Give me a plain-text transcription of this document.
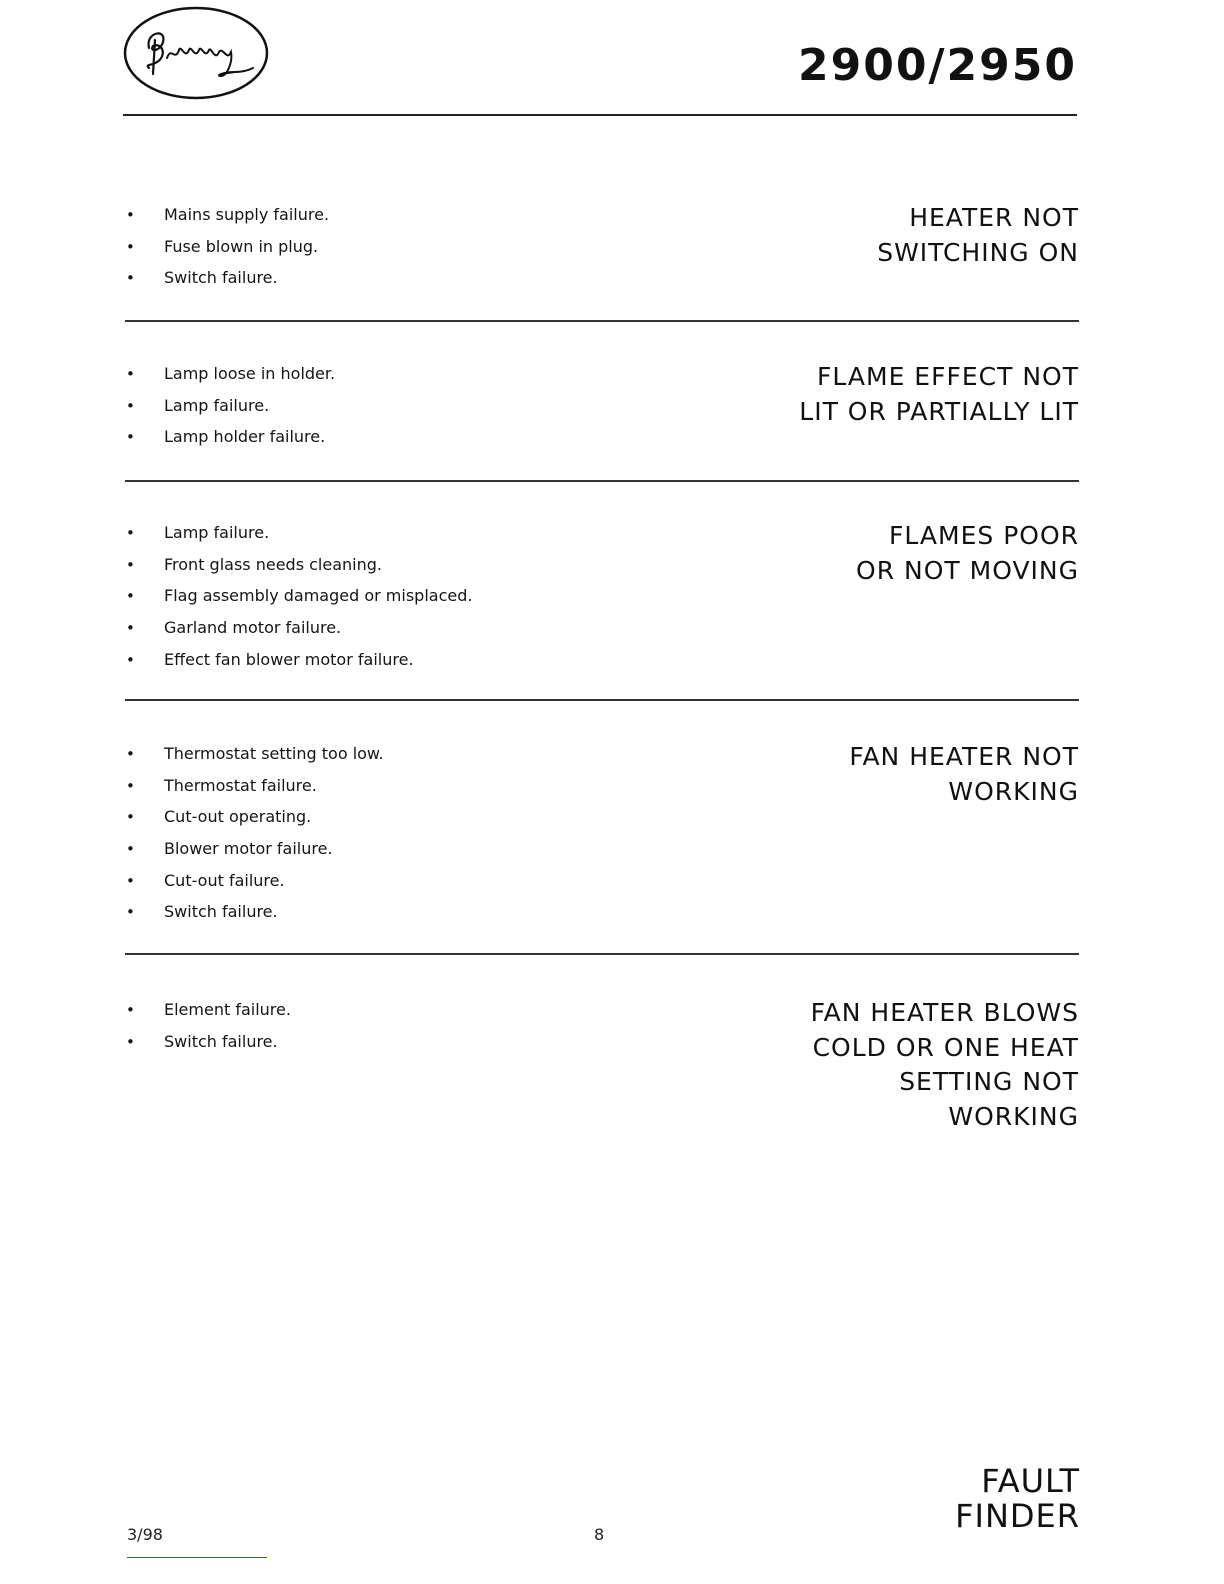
2900/2950
• Mains supply failure.
• Fuse blown in plug.
• Switch failure.
HEATER NOT
SWITCHING ON
• Lamp loose in holder.
• Lamp failure.
• Lamp holder failure.
FLAME EFFECT NOT
LIT OR PARTIALLY LIT
• Lamp failure.
• Front glass needs cleaning.
• Flag assembly damaged or misplaced.
• Garland motor failure.
• Effect fan blower motor failure.
FLAMES POOR
OR NOT MOVING
• Thermostat setting too low.
• Thermostat failure.
• Cut-out operating.
• Blower motor failure.
• Cut-out failure.
• Switch failure.
FAN HEATER NOT
WORKING
• Element failure.
• Switch failure.
FAN HEATER BLOWS
COLD OR ONE HEAT
SETTING NOT
WORKING
FAULT
FINDER
3/98	8
